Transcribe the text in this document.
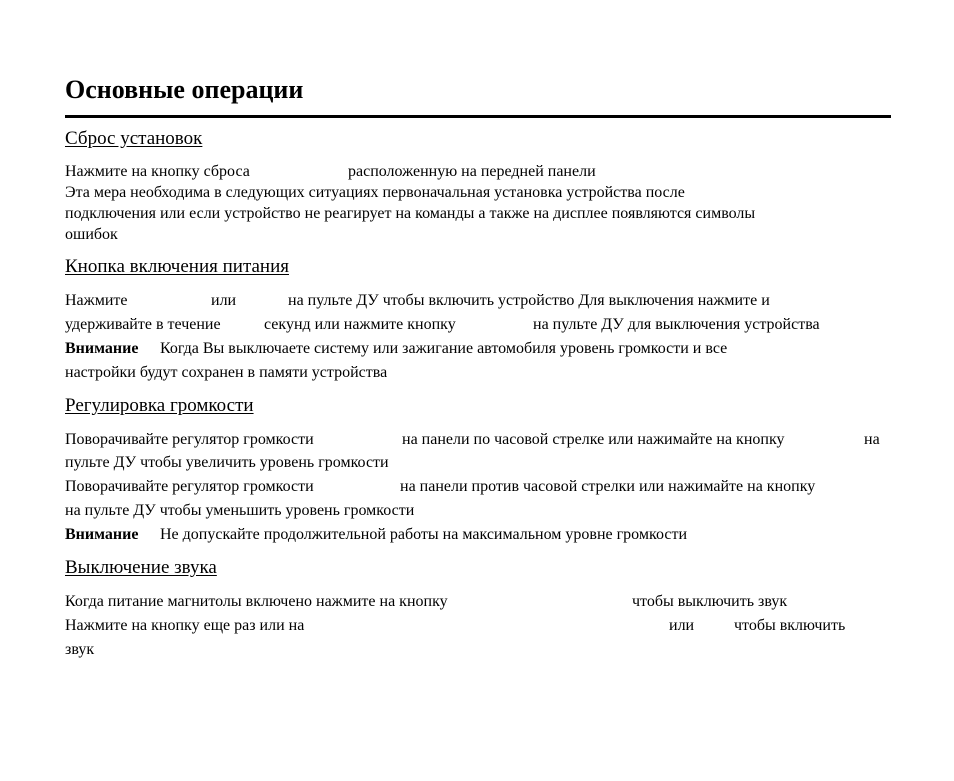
Основные операции
Сброс установок
Нажмите на кнопку сброса	расположенную на передней панели
Эта мера необходима в следующих ситуациях первоначальная установка устройства после
подключения или если устройство не реагирует на команды а также на дисплее появляются символы
ошибок
Кнопка включения питания
Нажмите	или	на пульте ДУ чтобы включить устройство Для выключения нажмите и
удерживайте в течение	секунд или нажмите кнопку	на пульте ДУ для выключения устройства
Внимание Когда Вы выключаете систему или зажигание автомобиля уровень громкости и все
настройки будут сохранен в памяти устройства
Регулировка громкости
Поворачивайте регулятор громкости	на панели по часовой стрелке или нажимайте на кнопку	на
пульте ДУ чтобы увеличить уровень громкости
Поворачивайте регулятор громкости	на панели против часовой стрелки или нажимайте на кнопку
на пульте ДУ чтобы уменьшить уровень громкости
Внимание Не допускайте продолжительной работы на максимальном уровне громкости
Выключение звука
Когда питание магнитолы включено нажмите на кнопку	чтобы выключить звук
Нажмите на кнопку еще раз или на	или чтобы включить
звук
